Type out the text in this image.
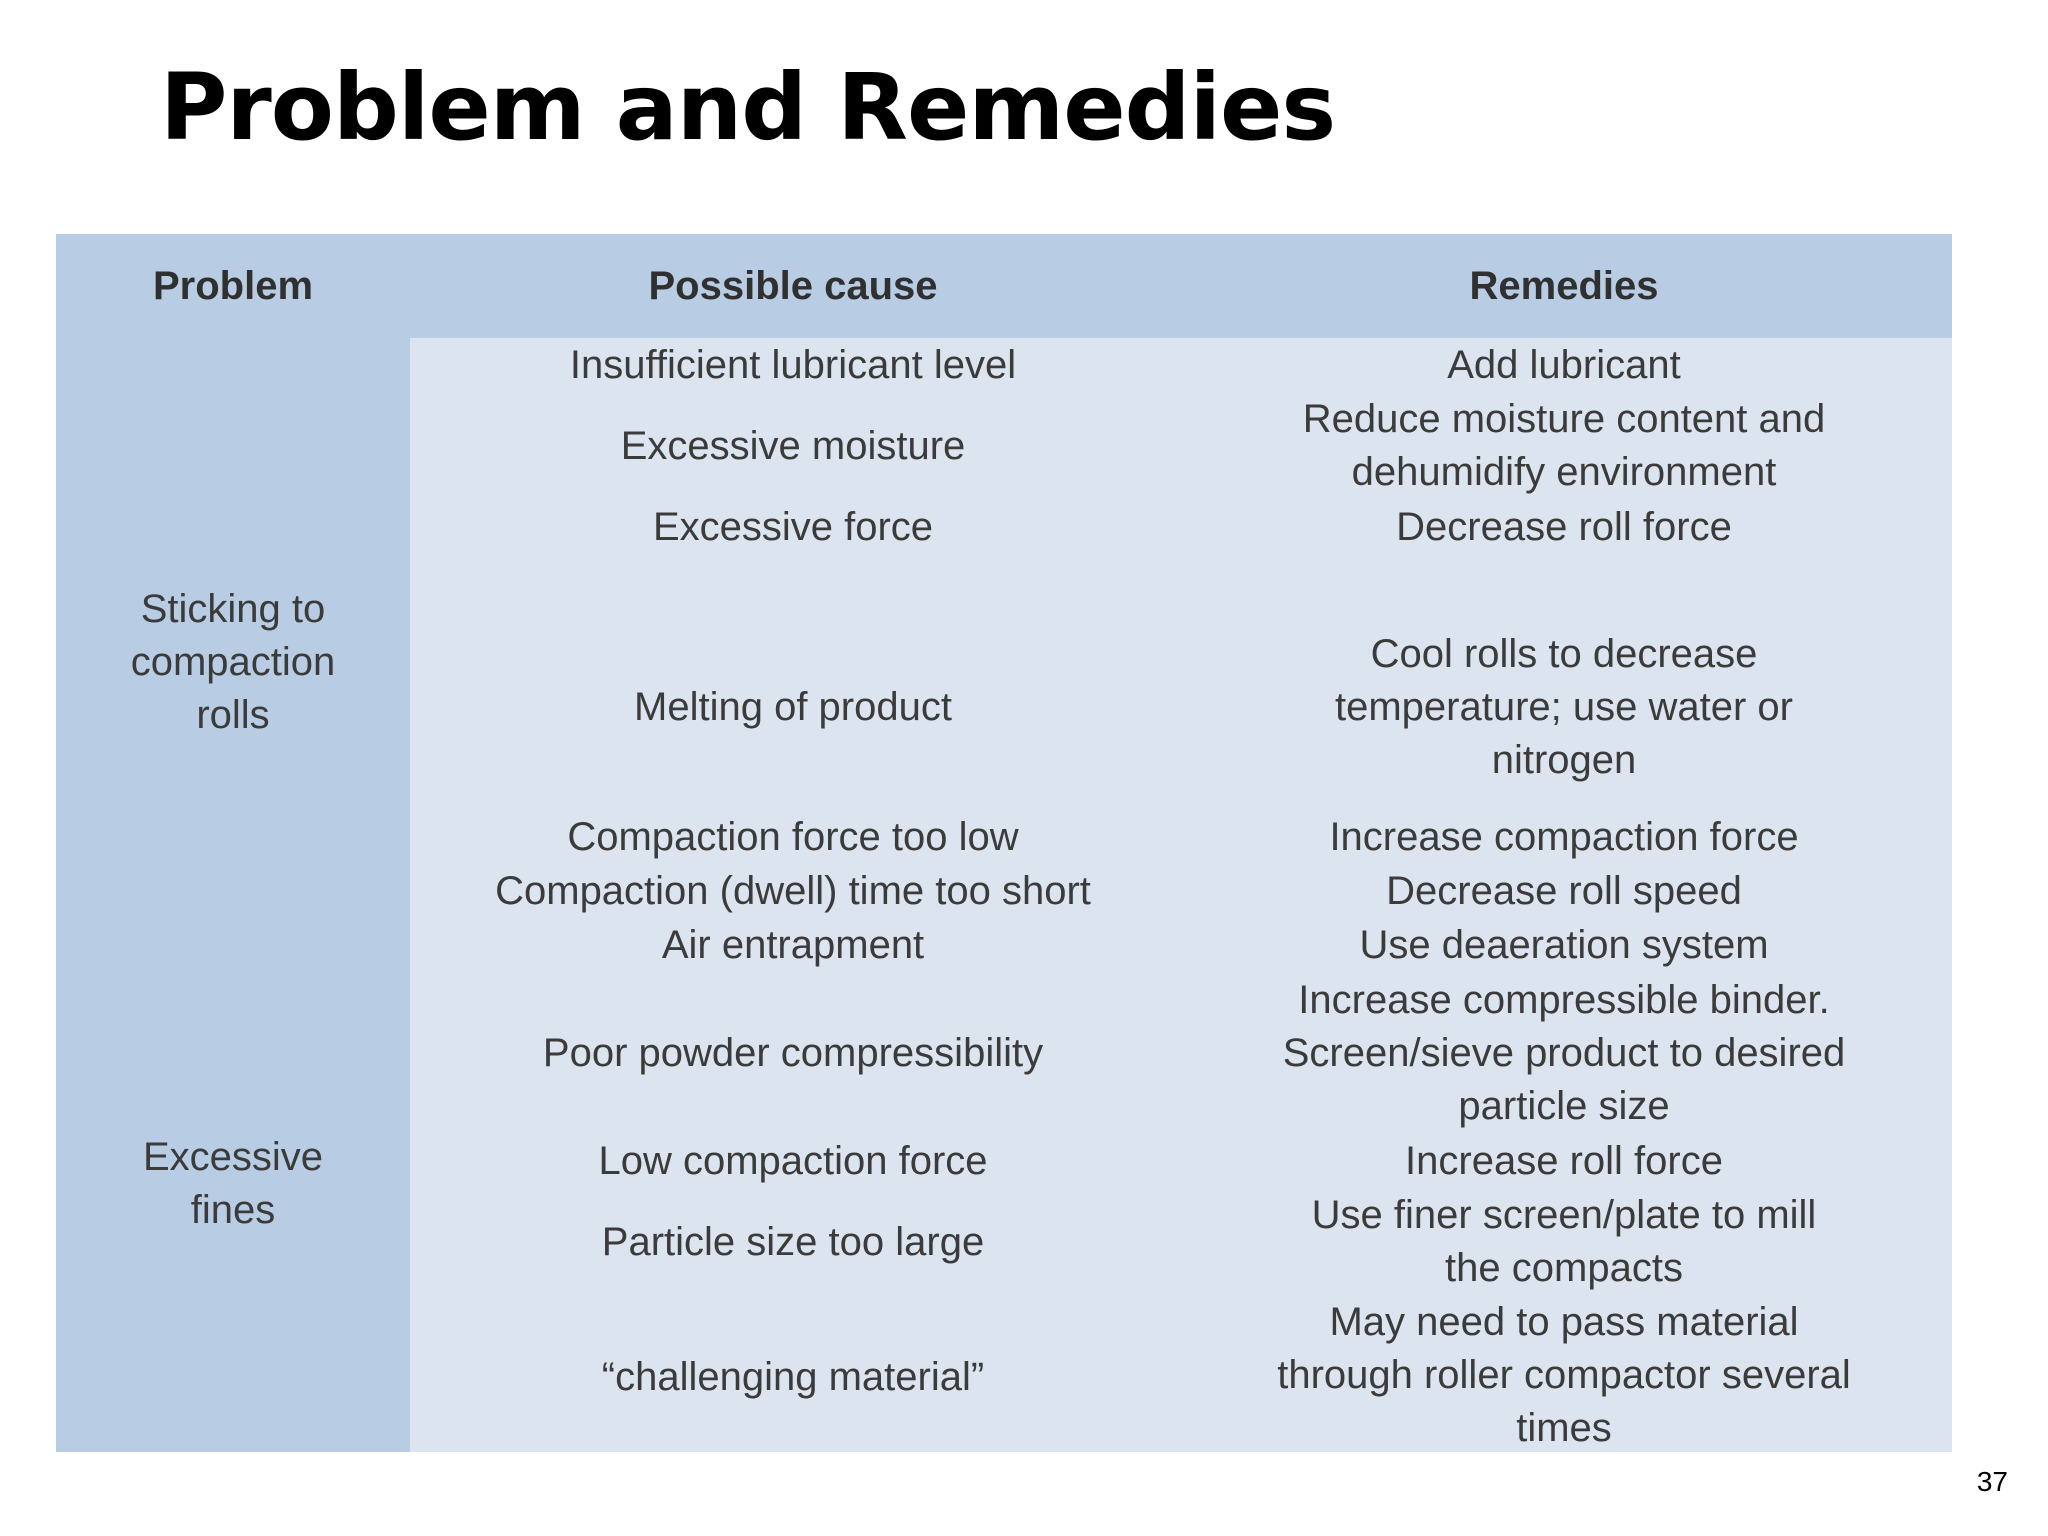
Problem and Remedies
Problem	Possible cause	Remedies
Sticking to
compaction
rolls
Excessive
fines
Insufficient lubricant level
Excessive moisture
Excessive force
Melting of product
Compaction force too low
Compaction (dwell) time too short
Air entrapment
Poor powder compressibility
Low compaction force
Particle size too large
“challenging material”
Add lubricant
Reduce moisture content and
dehumidify environment
Decrease roll force
Cool rolls to decrease
temperature; use water or
nitrogen
Increase compaction force
Decrease roll speed
Use deaeration system
Increase compressible binder.
Screen/sieve product to desired
particle size
Increase roll force
Use finer screen/plate to mill
the compacts
May need to pass material
through roller compactor several
times
37
